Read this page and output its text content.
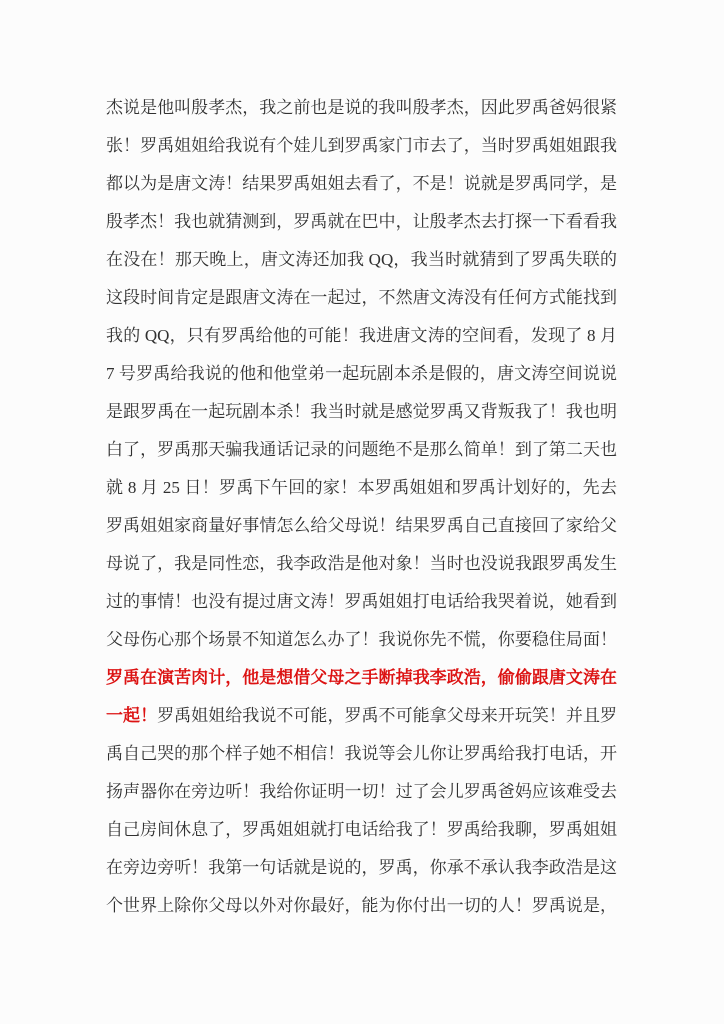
杰说是他叫殷孝杰，我之前也是说的我叫殷孝杰，因此罗禹爸妈很紧
张！罗禹姐姐给我说有个娃儿到罗禹家门市去了，当时罗禹姐姐跟我
都以为是唐文涛！结果罗禹姐姐去看了，不是！说就是罗禹同学，是
殷孝杰！我也就猜测到，罗禹就在巴中，让殷孝杰去打探一下看看我
在没在！那天晚上，唐文涛还加我 QQ，我当时就猜到了罗禹失联的
这段时间肯定是跟唐文涛在一起过，不然唐文涛没有任何方式能找到
我的 QQ，只有罗禹给他的可能！我进唐文涛的空间看，发现了 8 月
7 号罗禹给我说的他和他堂弟一起玩剧本杀是假的，唐文涛空间说说
是跟罗禹在一起玩剧本杀！我当时就是感觉罗禹又背叛我了！我也明
白了，罗禹那天骗我通话记录的问题绝不是那么简单！到了第二天也
就 8 月 25 日！罗禹下午回的家！本罗禹姐姐和罗禹计划好的，先去
罗禹姐姐家商量好事情怎么给父母说！结果罗禹自己直接回了家给父
母说了，我是同性恋，我李政浩是他对象！当时也没说我跟罗禹发生
过的事情！也没有提过唐文涛！罗禹姐姐打电话给我哭着说，她看到
父母伤心那个场景不知道怎么办了！我说你先不慌，你要稳住局面！
罗禹在演苦肉计，他是想借父母之手断掉我李政浩，偷偷跟唐文涛在
一起！罗禹姐姐给我说不可能，罗禹不可能拿父母来开玩笑！并且罗
禹自己哭的那个样子她不相信！我说等会儿你让罗禹给我打电话，开
扬声器你在旁边听！我给你证明一切！过了会儿罗禹爸妈应该难受去
自己房间休息了，罗禹姐姐就打电话给我了！罗禹给我聊，罗禹姐姐
在旁边旁听！我第一句话就是说的，罗禹，你承不承认我李政浩是这
个世界上除你父母以外对你最好，能为你付出一切的人！罗禹说是，
